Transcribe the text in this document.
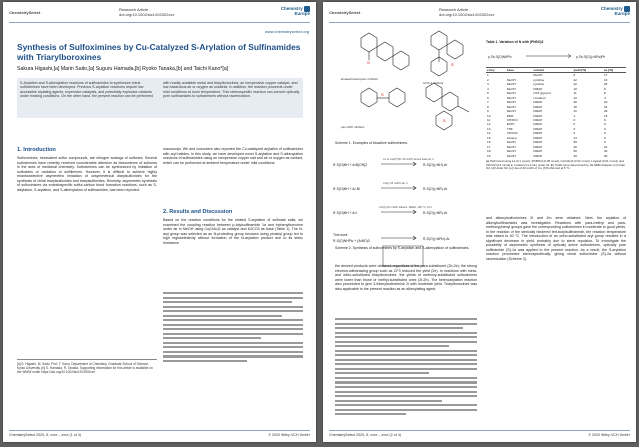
ChemistrySelect
Research Article
doi.org/10.1002/slct.202002xxx
Chemistry
Europe
www.chemistryselect.org
Synthesis of Sulfoximines by Cu-Catalyzed S-Arylation of Sulfinamides with Triarylboroxines
Sakura Higashi,[a] Marin Saito,[a] Suguru Hamada,[b] Ryoko Tanaka,[b] and Taichi Kano*[a]
S-Arylation and S-alkenylation reactions of sulfinamides to synthesize chiral sulfoximines have been developed. Previous S-arylation reactions require low accessible arylating agents, expensive catalysts, and potentially explosive oxidants under heating conditions. On the other hand, the present reaction can be performed
with readily available metal and triarylboroxines, an inexpensive copper catalyst, and low-hazardous air or oxygen as oxidants. In addition, the reaction proceeds under mild conditions at room temperature. This stereospecific reaction can convert optically pure sulfinamides to sulfoximines without racemization.
1. Introduction
Sulfoximines, hexavalent sulfur compounds, are nitrogen analogs of sulfones. Several sulfoximines have recently received considerable attention as bioisosteres of sulfones in the area of medicinal chemistry. Sulfoximines can be synthesized by imidation of sulfoxides or oxidation of sulfilimines. However, it is difficult to achieve highly enantioselective asymmetric imidation of unsymmetrical diarylsulfoxides for the synthesis of chiral triarylsulfoxides and triarylsulfimides. Recently, asymmetric synthesis of sulfoximines via enantiospecific sulfur-carbon bond formation reactions, such as S-alkylation, S-arylation, and S-alkenylation of sulfinamides, has been reported.
manuscript, We and coworkers also reported the Cu-catalyzed arylation of sulfinamides with aryl halides. In this study, we have developed novel S-arylation and S-alkenylation reactions of sulfinamides using an inexpensive copper salt and air or oxygen as oxidant, which can be performed at ambient temperature under mild conditions.
2. Results and Discussion
Based on the reaction conditions for the related S-arylation of sulfinate salts, we examined the coupling reaction between p-tolylsulfinamide 1a and triphenylboroxine under air in MeOH using Cu(OAc)2 as catalyst and K2CO3 as base (Table 1). The N-aryl group was selected as an N-protecting group because using pivaloyl group led to high regioselectivity without formation of the N-arylation product due to its steric hindrance.
[a] S. Higashi, M. Saito, Prof. T. Kano, Department of Chemistry, Graduate School of Science, Kyoto University. [b] S. Hamada, R. Tanaka, Supporting information for this article is available on the WWW under https://doi.org/10.1002/slct.202002xxx
ChemistrySelect 2020, 5, xxxx – xxxx (1 of 4)	© 2020 Wiley-VCH GmbH
ChemistrySelect
Research Article
doi.org/10.1002/slct.202002xxx
Chemistry
Europe
S	S
S
S
kinase/transcription inhibitor
COX-2 inhibitor
pan-CDK inhibitor
Scheme 1. Examples of bioactive sulfoximines.
R-S(O)NH + ArB(OH)2	R-S(O)(=NH)-Ar
R-S(O)NH + Ar-Bi	R-S(O)(=NR)-Ar
R-S(O)NH + ArI	R-S(O)(=NR)-Ar
This work
R-S(O)NHPiv + (ArBO)3	R-S(O)(=NPiv)-Ar
Cu or Cu(OTf)2 (10 mol%) amine base air, rt
Cu(I) (10 mol%) air, rt
Cu(II) (10 mol%) toluene, MeNH, 100 °C, 12 h
Scheme 2. Synthesis of sulfoximines by S-arylation and S-alkenylation of sulfinamides.
the desired products were obtained regardless of the para-substituent (2b-2e); the strong electron-withdrawing group such as CF3 reduced the yield (2e). In reactions with meta- and ortho-substituted triarylboroxines, the yields of methoxy-substituted sulfoximines were lower than those of methyl-substituted ones (2f-2h). The heteroarylation reaction also proceeded to give 3-thienylsulfoximine 2i with moderate yield. Triarylboroxines was also applicable to the present reaction as an alkenylating agent,
Table 1. Variation of N with (PhBO)3
p-Tol-S(O)NHPiv	p-Tol-S(O)(=NPiv)Ph
entry	base	solvent	yield [%]	ee [%]
1		MeOH	6	17
2	MeOH	pyridine	22	16
3	MeOH	pyridine	22	25
4	MeOH	DMAP	10	5
5	MeOH	CF3 glycerol	11	8
6	MeOH	t-butanol	12	4
7	MeOH	DMAP	48	23
8	MeOH	DMAP	45	31
9	MeOH	DMAP	31	29
10	DMF	DMAP	1	15
11	CH3CN	DMAP	0	6
12	EtOH	DMAP	0	0
13	THF	DMAP	0	0
14	CH2Cl2	DMAP	0	0
15	toluene	DMAP	14	0
16	MeOH	DMAP	50	8
17	MeOH	DMAP	29	21
18	MeOH	DMAP	50	30
19	MeOH	DMAP	49	50
[a] Performed using 1a (0.1 mmol), (PhBO)3 (0.05 mmol), Cu(OAc)2 (0.01 mmol), L ligand (0.01 mmol), and K2CO3 (0.2 mmol) in a solvent (1.0 mL) under air. [b] Yields were determined by 1H NMR analysis. [c] Under O2. [d] Under N2. [e] Use of 20 mol% of Cu. [f] Performed at 5 °C.
and alkenylsulfoximines 2t and 2m were obtained. Next, the arylation of alkenylsulfinamides was investigated. Reactions with para-methyl and para-methoxyphenyl groups gave the corresponding sulfoximines in moderate to good yields. In the reaction of the sterically hindered tert-butylsulfinamide, the reaction temperature was raised to 40 °C. The introduction of an ortho-substituted aryl group resulted in a significant decrease in yield, probably due to steric repulsion. To investigate the possibility of asymmetric synthesis of optically active sulfoximines, optically pure sulfinamide (S)-1a was applied to the present reaction. As a result, the S-arylation reaction proceeded stereospecifically, giving chiral sulfoximine (S)-2a without racemization (Scheme 3).
ChemistrySelect 2020, 5, xxxx – xxxx (2 of 4)	© 2020 Wiley-VCH GmbH
